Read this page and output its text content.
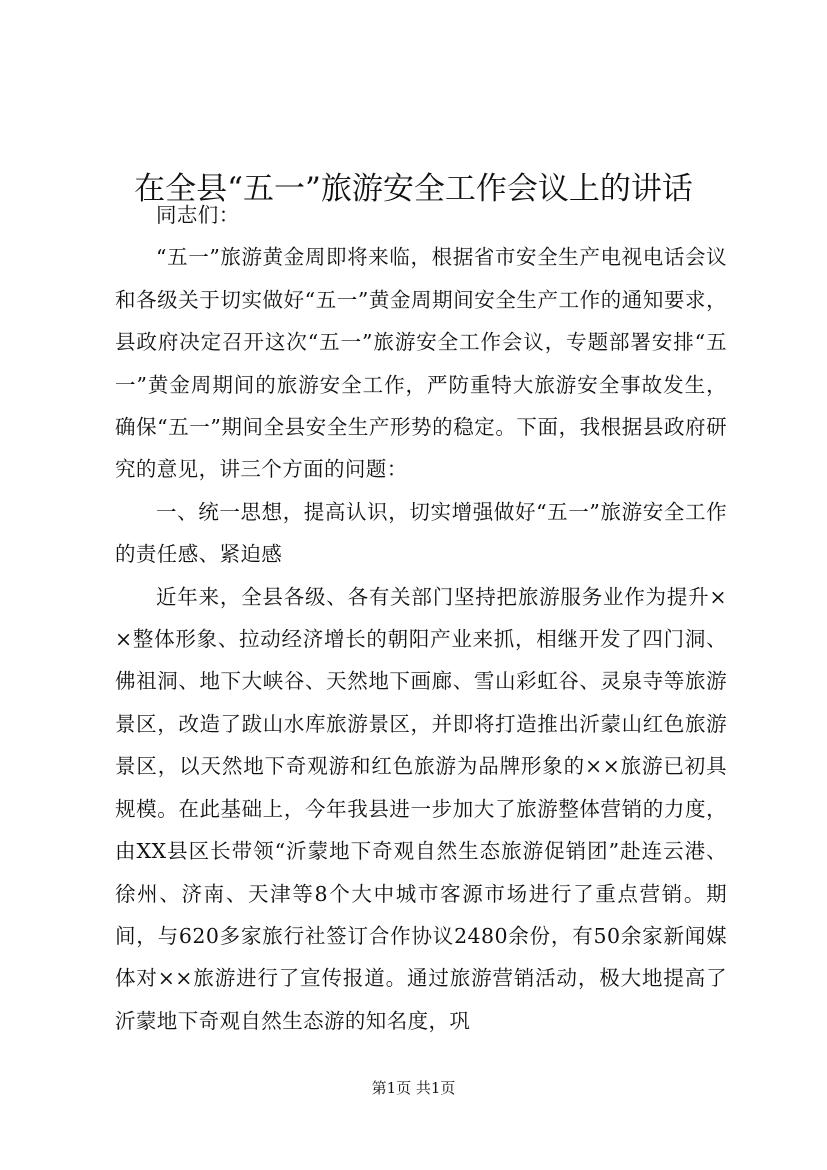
在全县“五一”旅游安全工作会议上的讲话

同志们：

“五一”旅游黄金周即将来临，根据省市安全生产电视电话会议和各级关于切实做好“五一”黄金周期间安全生产工作的通知要求，县政府决定召开这次“五一”旅游安全工作会议，专题部署安排“五一”黄金周期间的旅游安全工作，严防重特大旅游安全事故发生，确保“五一”期间全县安全生产形势的稳定。下面，我根据县政府研究的意见，讲三个方面的问题：

一、统一思想，提高认识，切实增强做好“五一”旅游安全工作的责任感、紧迫感

近年来，全县各级、各有关部门坚持把旅游服务业作为提升××整体形象、拉动经济增长的朝阳产业来抓，相继开发了四门洞、佛祖洞、地下大峡谷、天然地下画廊、雪山彩虹谷、灵泉寺等旅游景区，改造了跋山水库旅游景区，并即将打造推出沂蒙山红色旅游景区，以天然地下奇观游和红色旅游为品牌形象的××旅游已初具规模。在此基础上，今年我县进一步加大了旅游整体营销的力度，由XX县区长带领“沂蒙地下奇观自然生态旅游促销团”赴连云港、徐州、济南、天津等8个大中城市客源市场进行了重点营销。期间，与620多家旅行社签订合作协议2480余份，有50余家新闻媒体对××旅游进行了宣传报道。通过旅游营销活动，极大地提高了沂蒙地下奇观自然生态游的知名度，巩

第1页 共1页
